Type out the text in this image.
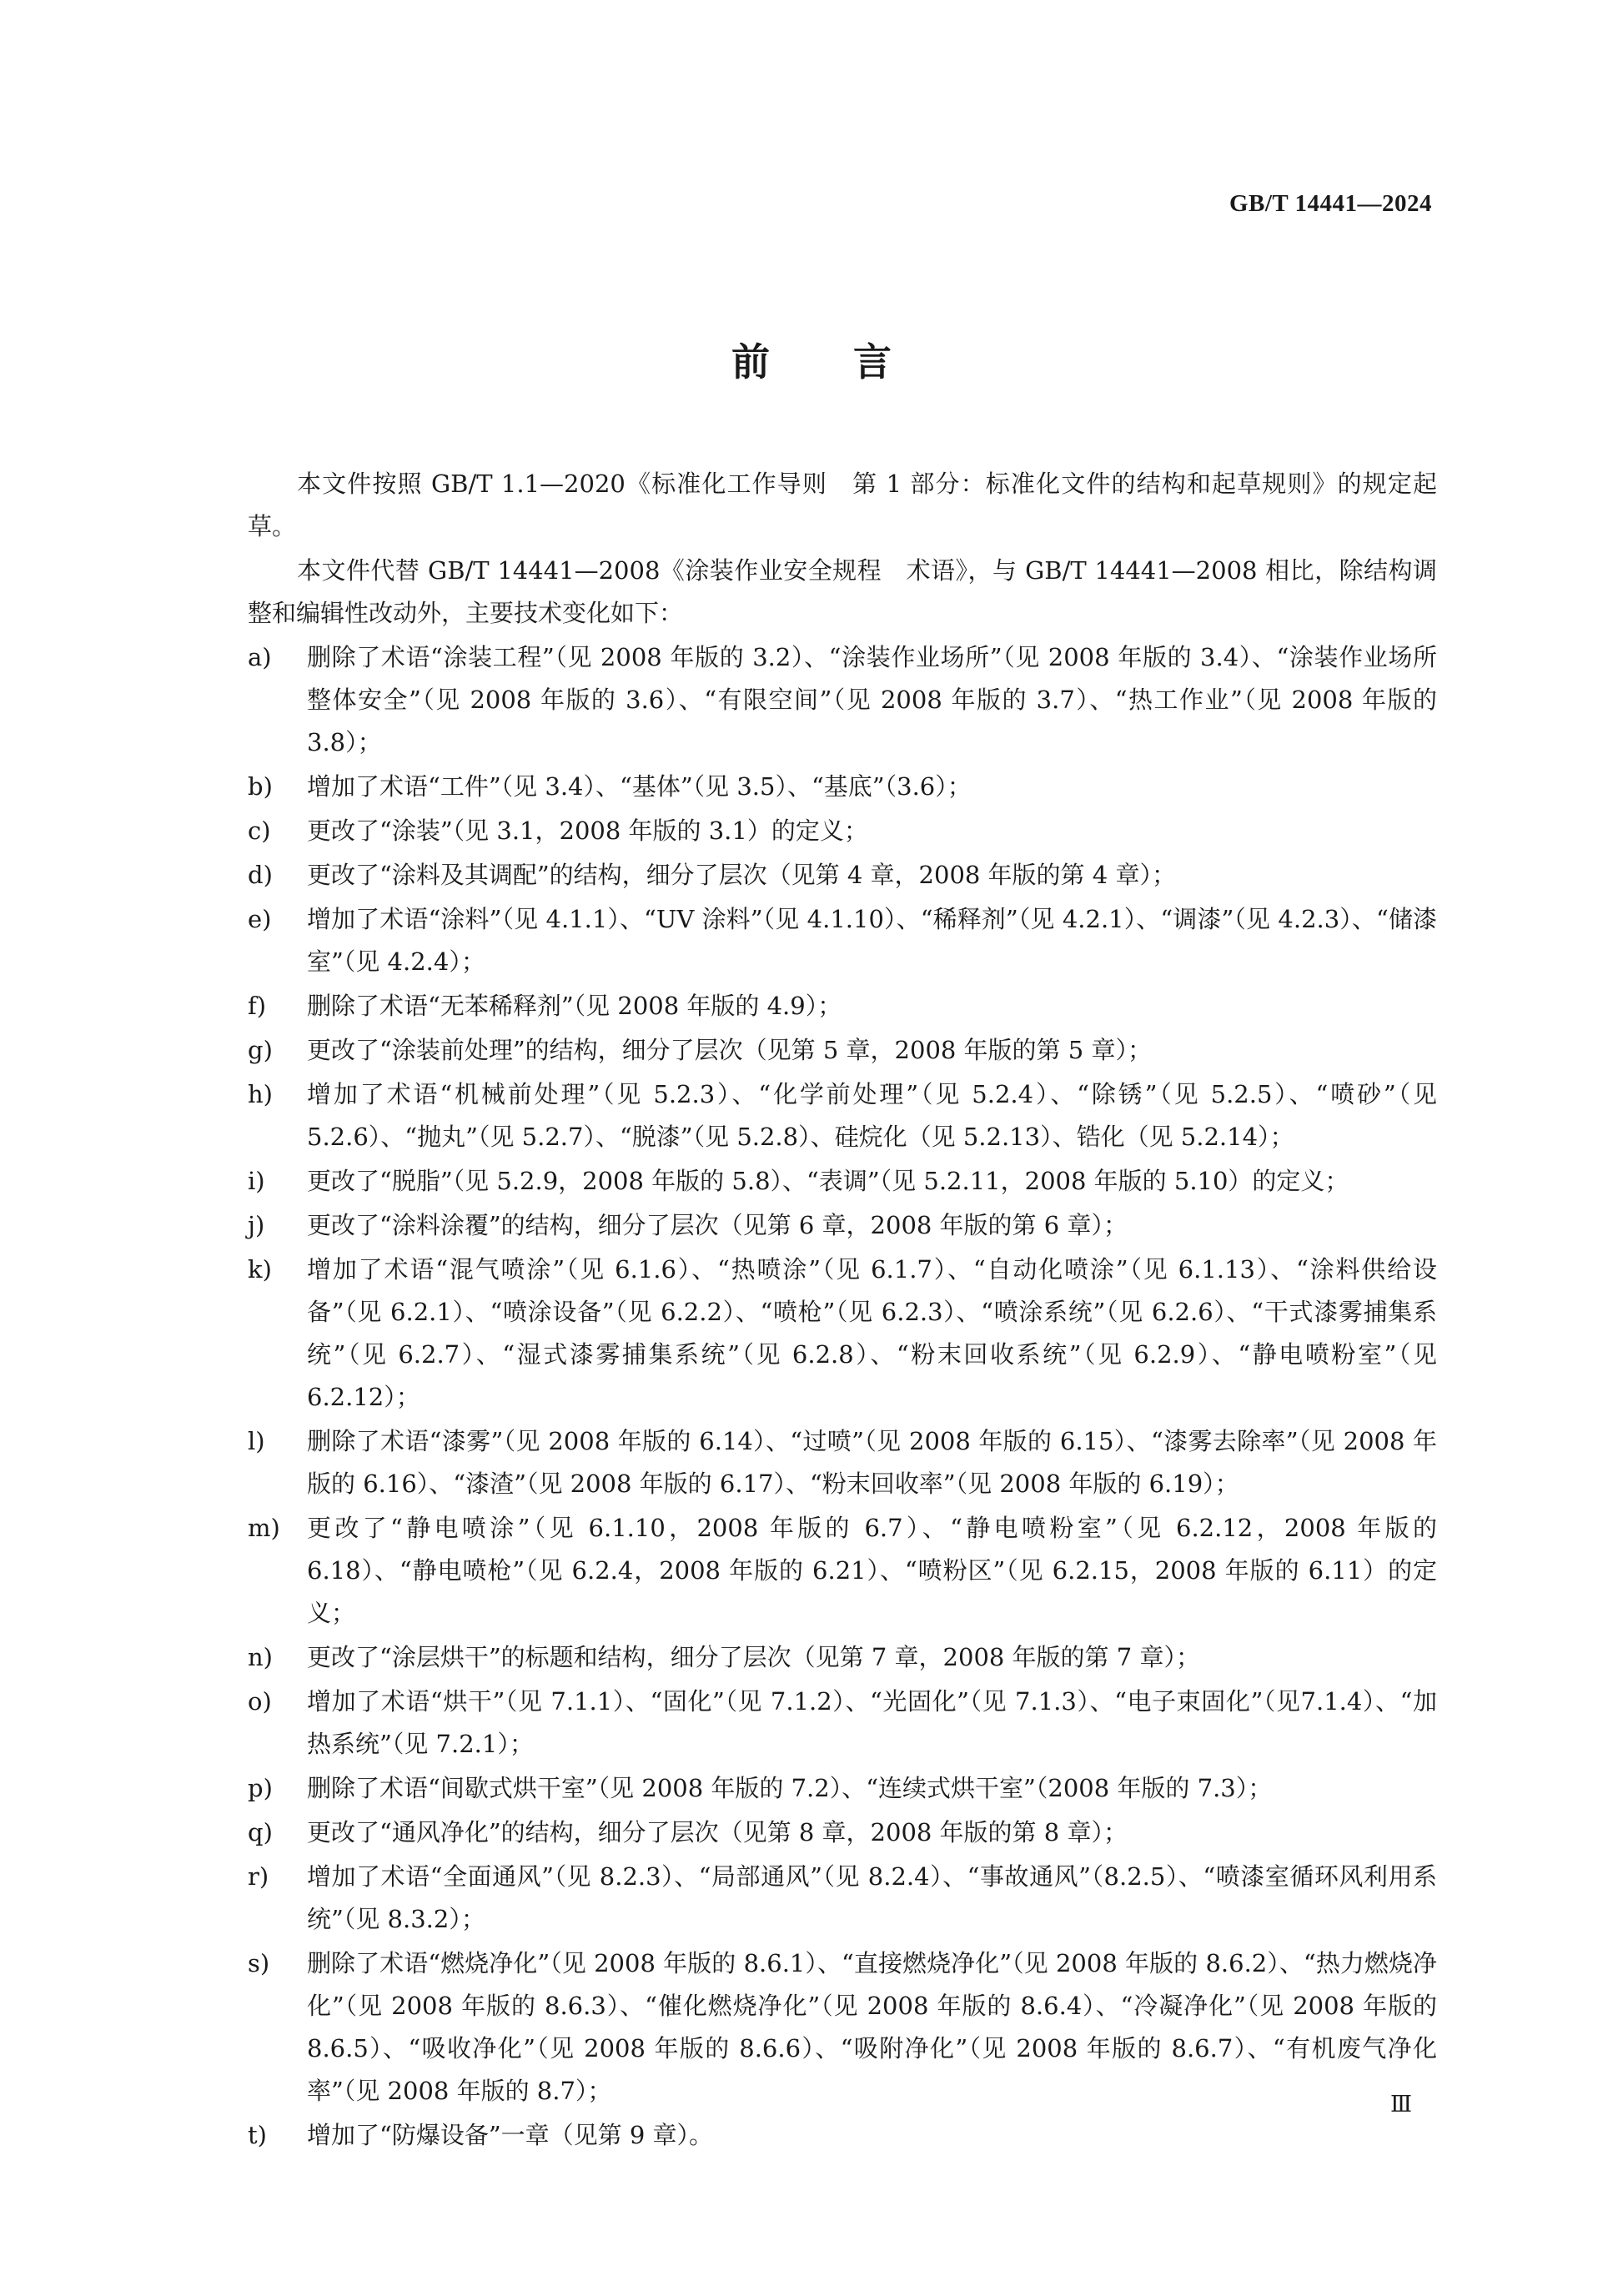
GB/T 14441—2024
前言

本文件按照 GB/T 1.1—2020《标准化工作导则　第 1 部分：标准化文件的结构和起草规则》的规定起草。

本文件代替 GB/T 14441—2008《涂装作业安全规程　术语》，与 GB/T 14441—2008 相比，除结构调整和编辑性改动外，主要技术变化如下：

a)	删除了术语“涂装工程”（见 2008 年版的 3.2）、“涂装作业场所”（见 2008 年版的 3.4）、“涂装作业场所整体安全”（见 2008 年版的 3.6）、“有限空间”（见 2008 年版的 3.7）、“热工作业”（见 2008 年版的 3.8）；
b)	增加了术语“工件”（见 3.4）、“基体”（见 3.5）、“基底”（3.6）；
c)	更改了“涂装”（见 3.1，2008 年版的 3.1）的定义；
d)	更改了“涂料及其调配”的结构，细分了层次（见第 4 章，2008 年版的第 4 章）；
e)	增加了术语“涂料”（见 4.1.1）、“UV 涂料”（见 4.1.10）、“稀释剂”（见 4.2.1）、“调漆”（见 4.2.3）、“储漆室”（见 4.2.4）；
f)	删除了术语“无苯稀释剂”（见 2008 年版的 4.9）；
g)	更改了“涂装前处理”的结构，细分了层次（见第 5 章，2008 年版的第 5 章）；
h)	增加了术语“机械前处理”（见 5.2.3）、“化学前处理”（见 5.2.4）、“除锈”（见 5.2.5）、“喷砂”（见 5.2.6）、“抛丸”（见 5.2.7）、“脱漆”（见 5.2.8）、硅烷化（见 5.2.13）、锆化（见 5.2.14）；
i)	更改了“脱脂”（见 5.2.9，2008 年版的 5.8）、“表调”（见 5.2.11，2008 年版的 5.10）的定义；
j)	更改了“涂料涂覆”的结构，细分了层次（见第 6 章，2008 年版的第 6 章）；
k)	增加了术语“混气喷涂”（见 6.1.6）、“热喷涂”（见 6.1.7）、“自动化喷涂”（见 6.1.13）、“涂料供给设备”（见 6.2.1）、“喷涂设备”（见 6.2.2）、“喷枪”（见 6.2.3）、“喷涂系统”（见 6.2.6）、“干式漆雾捕集系统”（见 6.2.7）、“湿式漆雾捕集系统”（见 6.2.8）、“粉末回收系统”（见 6.2.9）、“静电喷粉室”（见 6.2.12）；
l)	删除了术语“漆雾”（见 2008 年版的 6.14）、“过喷”（见 2008 年版的 6.15）、“漆雾去除率”（见 2008 年版的 6.16）、“漆渣”（见 2008 年版的 6.17）、“粉末回收率”（见 2008 年版的 6.19）；
m)	更改了“静电喷涂”（见 6.1.10，2008 年版的 6.7）、“静电喷粉室”（见 6.2.12，2008 年版的 6.18）、“静电喷枪”（见 6.2.4，2008 年版的 6.21）、“喷粉区”（见 6.2.15，2008 年版的 6.11）的定义；
n)	更改了“涂层烘干”的标题和结构，细分了层次（见第 7 章，2008 年版的第 7 章）；
o)	增加了术语“烘干”（见 7.1.1）、“固化”（见 7.1.2）、“光固化”（见 7.1.3）、“电子束固化”（见7.1.4）、“加热系统”（见 7.2.1）；
p)	删除了术语“间歇式烘干室”（见 2008 年版的 7.2）、“连续式烘干室”（2008 年版的 7.3）；
q)	更改了“通风净化”的结构，细分了层次（见第 8 章，2008 年版的第 8 章）；
r)	增加了术语“全面通风”（见 8.2.3）、“局部通风”（见 8.2.4）、“事故通风”（8.2.5）、“喷漆室循环风利用系统”（见 8.3.2）；
s)	删除了术语“燃烧净化”（见 2008 年版的 8.6.1）、“直接燃烧净化”（见 2008 年版的 8.6.2）、“热力燃烧净化”（见 2008 年版的 8.6.3）、“催化燃烧净化”（见 2008 年版的 8.6.4）、“冷凝净化”（见 2008 年版的 8.6.5）、“吸收净化”（见 2008 年版的 8.6.6）、“吸附净化”（见 2008 年版的 8.6.7）、“有机废气净化率”（见 2008 年版的 8.7）；
t)	增加了“防爆设备”一章（见第 9 章）。
Ⅲ
